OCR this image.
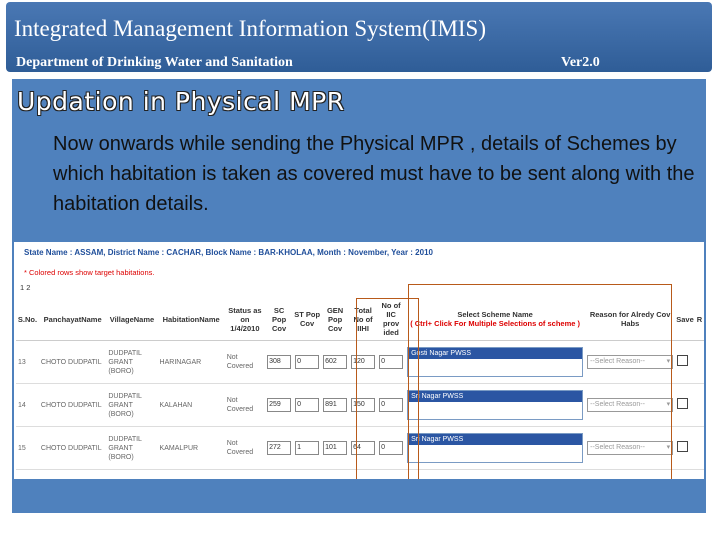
Integrated Management Information System(IMIS)
Department of Drinking Water and Sanitation	Ver2.0
Updation in Physical MPR
Now onwards while sending the Physical MPR , details of Schemes by which habitation is taken as covered must have to be sent along with the habitation details.
State Name : ASSAM, District Name : CACHAR, Block Name : BAR-KHOLAA, Month : November, Year : 2010
* Colored rows show target habitations.
1 2
S.No.	PanchayatName	VillageName	HabitationName	Status as on 1/4/2010	SC Pop Cov	ST Pop Cov	GEN Pop Cov	Total No of IIHI	No of IIC prov ided	Select Scheme Name
( Ctrl+ Click For Multiple Selections of scheme )	Reason for Alredy Cov Habs	Save	R
13	CHOTO DUDPATIL	DUDPATIL GRANT (BORO)	HARINAGAR	Not Covered	308	0	602	120	0	Gosti Nagar PWSS	--Select Reason-- ▾		

14	CHOTO DUDPATIL	DUDPATIL GRANT (BORO)	KALAHAN	Not Covered	259	0	891	150	0	Sri Nagar PWSS	--Select Reason-- ▾		

15	CHOTO DUDPATIL	DUDPATIL GRANT (BORO)	KAMALPUR	Not Covered	272	1	101	64	0	Sri Nagar PWSS	--Select Reason-- ▾		
